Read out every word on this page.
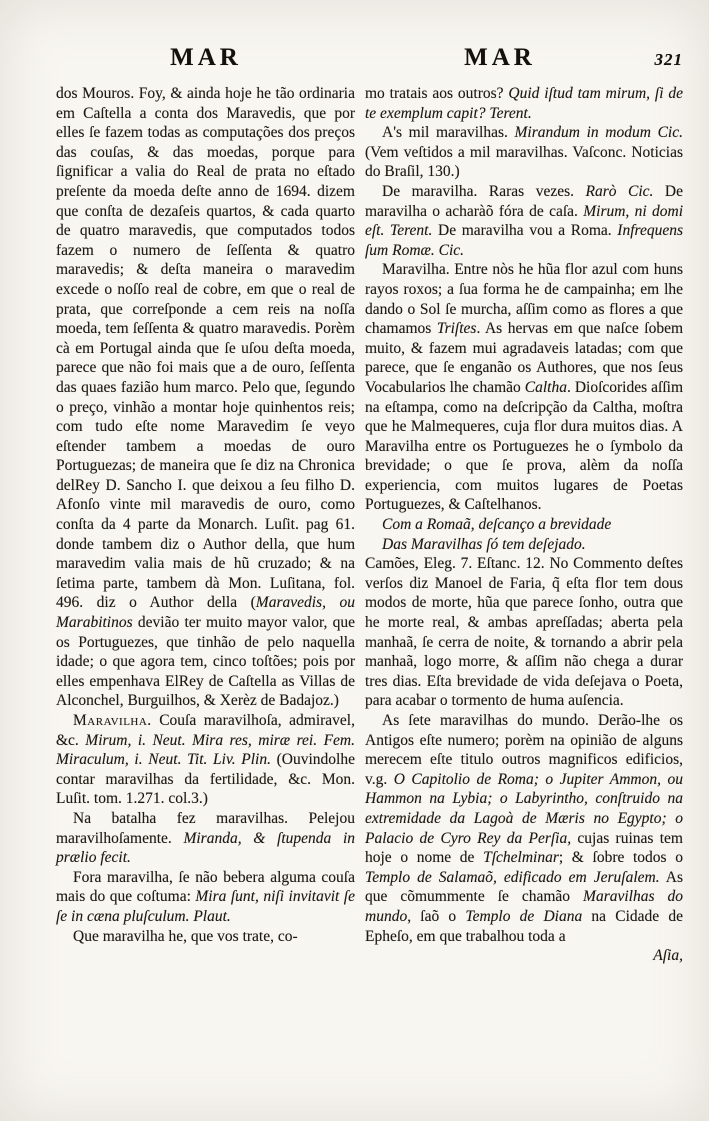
MAR	MAR	321

dos Mouros. Foy, & ainda hoje he tão ordinaria em Caſtella a conta dos Maravedis, que por elles ſe fazem todas as computações dos preços das couſas, & das moedas, porque para ſignificar a valia do Real de prata no eſtado preſente da moeda deſte anno de 1694. dizem que conſta de dezaſeis quartos, & cada quarto de quatro maravedis, que computados todos fazem o numero de ſeſſenta & quatro maravedis; & deſta maneira o maravedim excede o noſſo real de cobre, em que o real de prata, que correſponde a cem reis na noſſa moeda, tem ſeſſenta & quatro maravedis. Porèm cà em Portugal ainda que ſe uſou deſta moeda, parece que não foi mais que a de ouro, ſeſſenta das quaes fazião hum marco. Pelo que, ſegundo o preço, vinhão a montar hoje quinhentos reis; com tudo eſte nome Maravedim ſe veyo eſtender tambem a moedas de ouro Portuguezas; de maneira que ſe diz na Chronica delRey D. Sancho I. que deixou a ſeu filho D. Afonſo vinte mil maravedis de ouro, como conſta da 4 parte da Monarch. Luſit. pag 61. donde tambem diz o Author della, que hum maravedim valia mais de hũ cruzado; & na ſetima parte, tambem dà Mon. Luſitana, fol. 496. diz o Author della (Maravedis, ou Marabitinos devião ter muito mayor valor, que os Portuguezes, que tinhão de pelo naquella idade; o que agora tem, cinco toſtões; pois por elles empenhava ElRey de Caſtella as Villas de Alconchel, Burguilhos, & Xerèz de Badajoz.)

Maravilha. Couſa maravilhoſa, admiravel, &c. Mirum, i. Neut. Mira res, miræ rei. Fem. Miraculum, i. Neut. Tit. Liv. Plin. (Ouvindolhe contar maravilhas da fertilidade, &c. Mon. Luſit. tom. 1.271. col.3.)

Na batalha fez maravilhas. Pelejou maravilhoſamente. Miranda, & ſtupenda in prælio fecit.

Fora maravilha, ſe não bebera alguma couſa mais do que coſtuma: Mira ſunt, niſi invitavit ſe ſe in cæna pluſculum. Plaut.

Que maravilha he, que vos trate, co-

mo tratais aos outros? Quid iſtud tam mirum, ſi de te exemplum capit? Terent.

A's mil maravilhas. Mirandum in modum Cic. (Vem veſtidos a mil maravilhas. Vaſconc. Noticias do Braſil, 130.)

De maravilha. Raras vezes. Rarò Cic. De maravilha o acharàõ fóra de caſa. Mirum, ni domi eſt. Terent. De maravilha vou a Roma. Infrequens ſum Romæ. Cic.

Maravilha. Entre nòs he hũa flor azul com huns rayos roxos; a ſua forma he de campainha; em lhe dando o Sol ſe murcha, aſſim como as flores a que chamamos Triſtes. As hervas em que naſce ſobem muito, & fazem mui agradaveis latadas; com que parece, que ſe enganão os Authores, que nos ſeus Vocabularios lhe chamão Caltha. Dioſcorides aſſim na eſtampa, como na deſcripção da Caltha, moſtra que he Malmequeres, cuja flor dura muitos dias. A Maravilha entre os Portuguezes he o ſymbolo da brevidade; o que ſe prova, alèm da noſſa experiencia, com muitos lugares de Poetas Portuguezes, & Caſtelhanos.

Com a Romaã, deſcanço a brevidade

Das Maravilhas ſó tem deſejado.

Camões, Eleg. 7. Eſtanc. 12. No Commento deſtes verſos diz Manoel de Faria, q̃ eſta flor tem dous modos de morte, hũa que parece ſonho, outra que he morte real, & ambas apreſſadas; aberta pela manhaã, ſe cerra de noite, & tornando a abrir pela manhaã, logo morre, & aſſim não chega a durar tres dias. Eſta brevidade de vida deſejava o Poeta, para acabar o tormento de huma auſencia.

As ſete maravilhas do mundo. Derão-lhe os Antigos eſte numero; porèm na opinião de alguns merecem eſte titulo outros magnificos edificios, v.g. O Capitolio de Roma; o Jupiter Ammon, ou Hammon na Lybia; o Labyrintho, conſtruido na extremidade da Lagoà de Mæris no Egypto; o Palacio de Cyro Rey da Perſia, cujas ruinas tem hoje o nome de Tſchelminar; & ſobre todos o Templo de Salamaõ, edificado em Jeruſalem. As que cõmummente ſe chamão Maravilhas do mundo, ſaõ o Templo de Diana na Cidade de Epheſo, em que trabalhou toda a

Aſia,
